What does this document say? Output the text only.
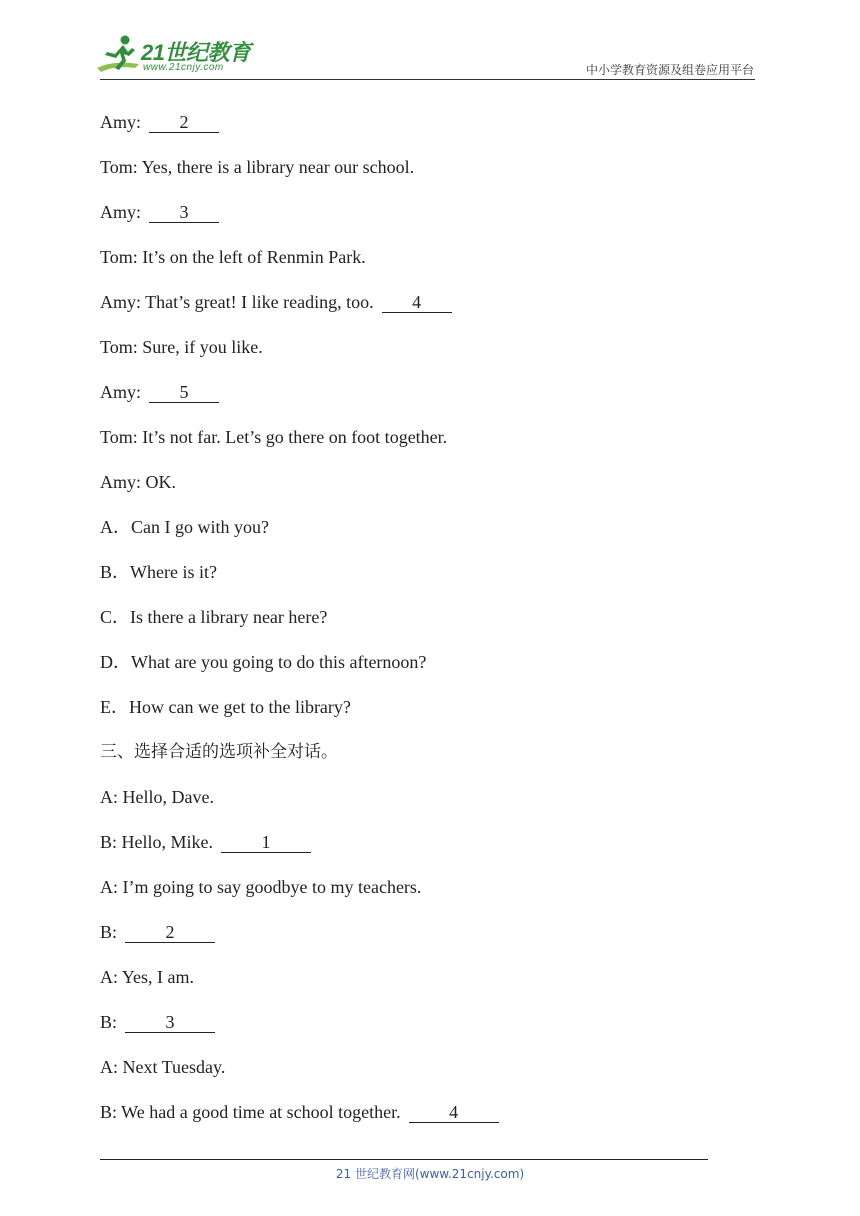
21世纪教育
www.21cnjy.com	中小学教育资源及组卷应用平台
Amy: 2
Tom: Yes, there is a library near our school.
Amy: 3
Tom: It’s on the left of Renmin Park.
Amy: That’s great! I like reading, too. 4
Tom: Sure, if you like.
Amy: 5
Tom: It’s not far. Let’s go there on foot together.
Amy: OK.
A．Can I go with you?
B．Where is it?
C．Is there a library near here?
D．What are you going to do this afternoon?
E．How can we get to the library?
三、选择合适的选项补全对话。
A: Hello, Dave.
B: Hello, Mike.	1
A: I’m going to say goodbye to my teachers.
B:	2
A: Yes, I am.
B:	3
A: Next Tuesday.
B: We had a good time at school together.	4
21 世纪教育网(www.21cnjy.com)
